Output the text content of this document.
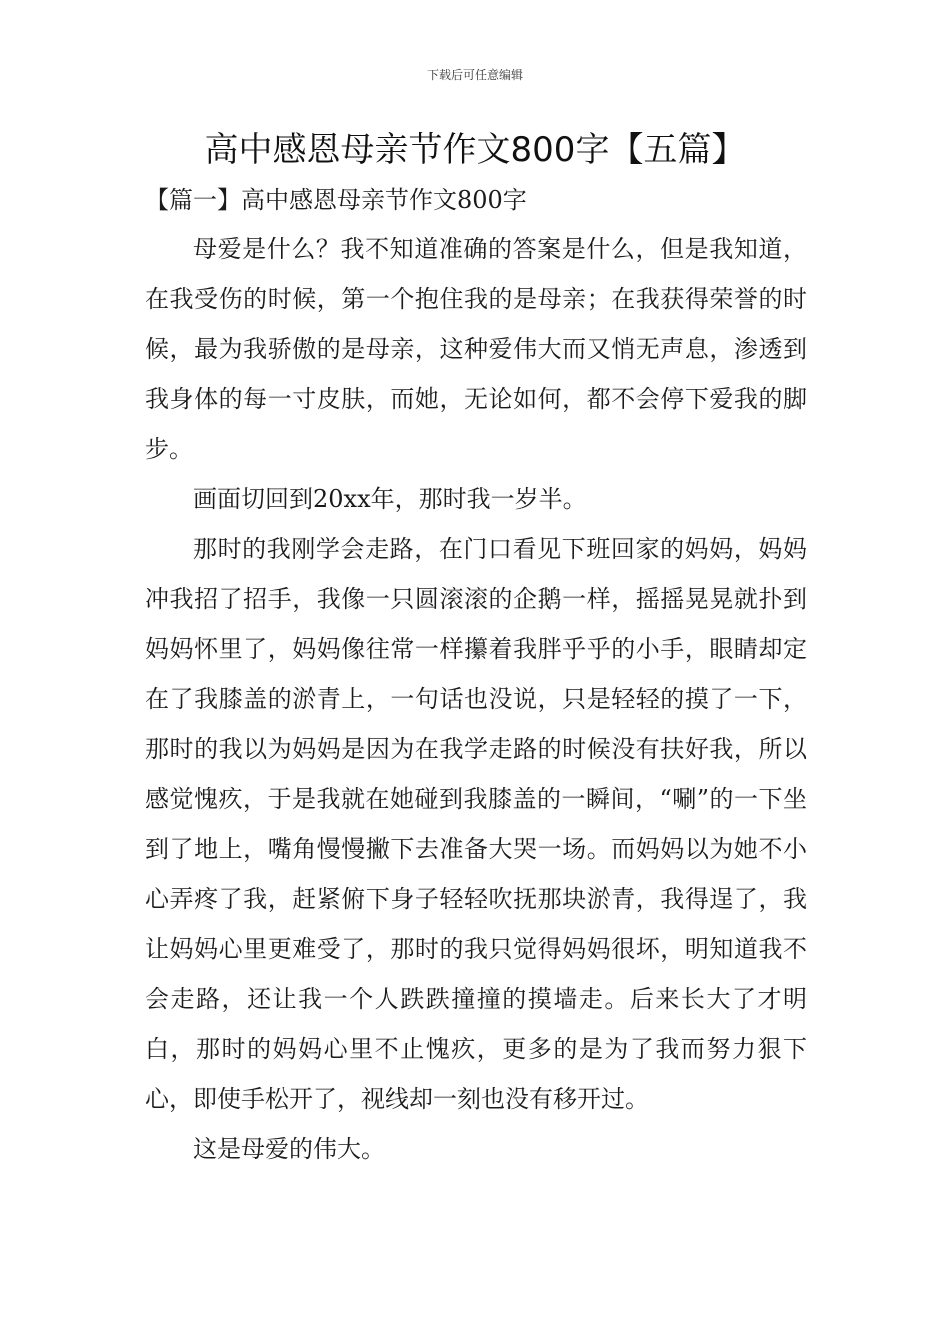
下载后可任意编辑
高中感恩母亲节作文800字【五篇】
【篇一】高中感恩母亲节作文800字

母爱是什么？我不知道准确的答案是什么，但是我知道，在我受伤的时候，第一个抱住我的是母亲；在我获得荣誉的时候，最为我骄傲的是母亲，这种爱伟大而又悄无声息，渗透到我身体的每一寸皮肤，而她，无论如何，都不会停下爱我的脚步。

画面切回到20xx年，那时我一岁半。

那时的我刚学会走路，在门口看见下班回家的妈妈，妈妈冲我招了招手，我像一只圆滚滚的企鹅一样，摇摇晃晃就扑到妈妈怀里了，妈妈像往常一样攥着我胖乎乎的小手，眼睛却定在了我膝盖的淤青上，一句话也没说，只是轻轻的摸了一下，那时的我以为妈妈是因为在我学走路的时候没有扶好我，所以感觉愧疚，于是我就在她碰到我膝盖的一瞬间，“唰”的一下坐到了地上，嘴角慢慢撇下去准备大哭一场。而妈妈以为她不小心弄疼了我，赶紧俯下身子轻轻吹抚那块淤青，我得逞了，我让妈妈心里更难受了，那时的我只觉得妈妈很坏，明知道我不会走路，还让我一个人跌跌撞撞的摸墙走。后来长大了才明白，那时的妈妈心里不止愧疚，更多的是为了我而努力狠下心，即使手松开了，视线却一刻也没有移开过。

这是母爱的伟大。
